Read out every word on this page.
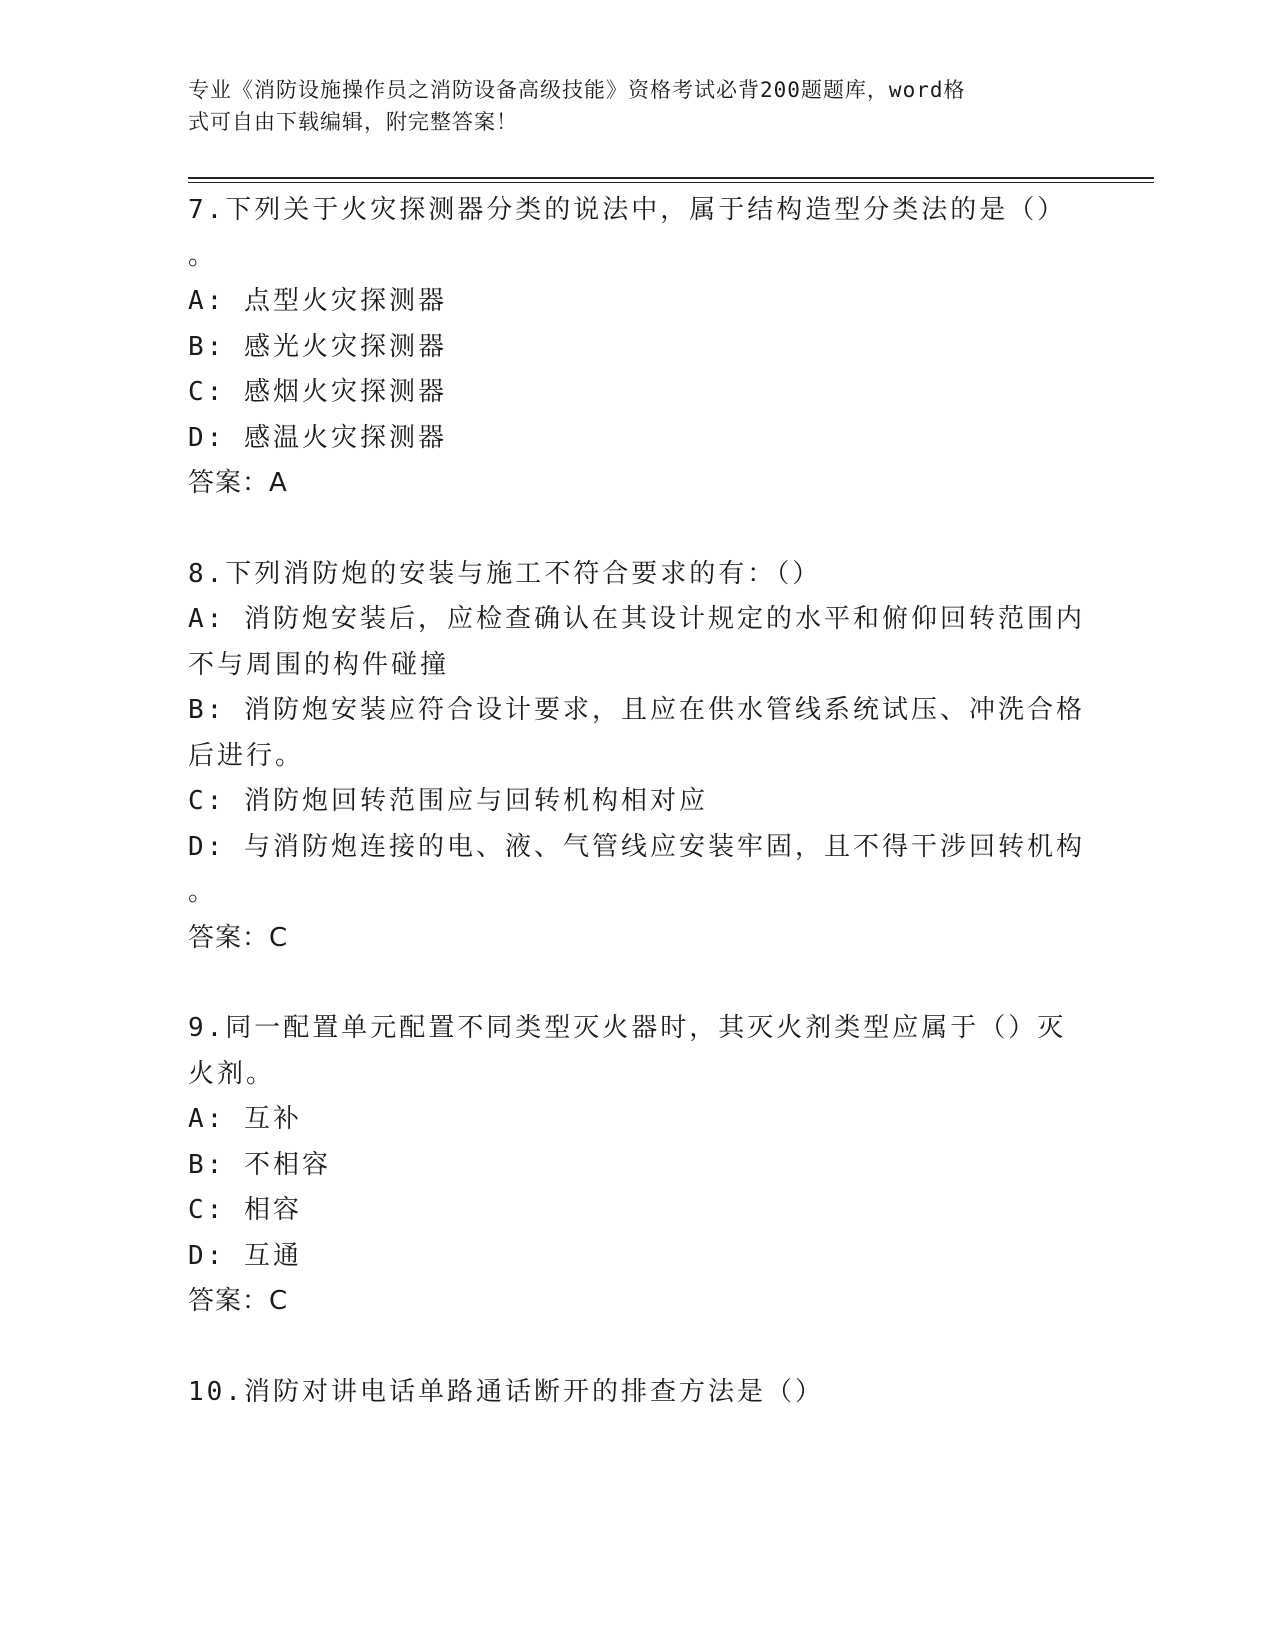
专业《消防设施操作员之消防设备高级技能》资格考试必背200题题库，word格
式可自由下载编辑，附完整答案！
7.下列关于火灾探测器分类的说法中，属于结构造型分类法的是（）
。
A: 点型火灾探测器
B: 感光火灾探测器
C: 感烟火灾探测器
D: 感温火灾探测器
答案：A
8.下列消防炮的安装与施工不符合要求的有：（）
A: 消防炮安装后，应检查确认在其设计规定的水平和俯仰回转范围内
不与周围的构件碰撞
B: 消防炮安装应符合设计要求，且应在供水管线系统试压、冲洗合格
后进行。
C: 消防炮回转范围应与回转机构相对应
D: 与消防炮连接的电、液、气管线应安装牢固，且不得干涉回转机构
。
答案：C
9.同一配置单元配置不同类型灭火器时，其灭火剂类型应属于（）灭
火剂。
A: 互补
B: 不相容
C: 相容
D: 互通
答案：C
10.消防对讲电话单路通话断开的排查方法是（）
